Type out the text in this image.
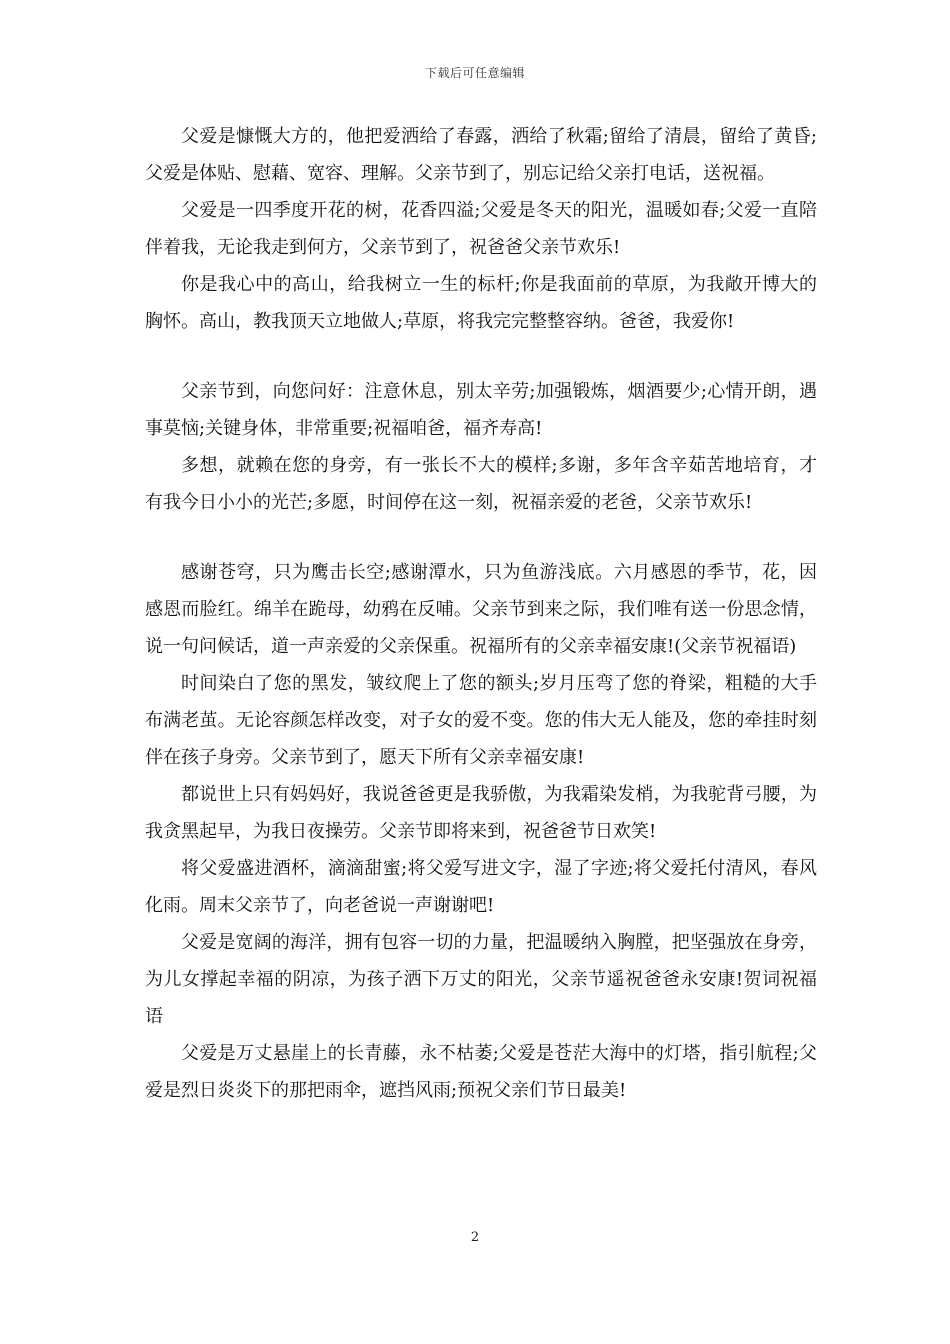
下载后可任意编辑

父爱是慷慨大方的，他把爱洒给了春露，洒给了秋霜;留给了清晨，留给了黄昏;父爱是体贴、慰藉、宽容、理解。父亲节到了，别忘记给父亲打电话，送祝福。

父爱是一四季度开花的树，花香四溢;父爱是冬天的阳光，温暖如春;父爱一直陪伴着我，无论我走到何方，父亲节到了，祝爸爸父亲节欢乐!

你是我心中的高山，给我树立一生的标杆;你是我面前的草原，为我敞开博大的胸怀。高山，教我顶天立地做人;草原，将我完完整整容纳。爸爸，我爱你!

父亲节到，向您问好：注意休息，别太辛劳;加强锻炼，烟酒要少;心情开朗，遇事莫恼;关键身体，非常重要;祝福咱爸，福齐寿高!

多想，就赖在您的身旁，有一张长不大的模样;多谢，多年含辛茹苦地培育，才有我今日小小的光芒;多愿，时间停在这一刻，祝福亲爱的老爸，父亲节欢乐!

感谢苍穹，只为鹰击长空;感谢潭水，只为鱼游浅底。六月感恩的季节，花，因感恩而脸红。绵羊在跪母，幼鸦在反哺。父亲节到来之际，我们唯有送一份思念情，说一句问候话，道一声亲爱的父亲保重。祝福所有的父亲幸福安康!(父亲节祝福语)

时间染白了您的黑发，皱纹爬上了您的额头;岁月压弯了您的脊梁，粗糙的大手布满老茧。无论容颜怎样改变，对子女的爱不变。您的伟大无人能及，您的牵挂时刻伴在孩子身旁。父亲节到了，愿天下所有父亲幸福安康!

都说世上只有妈妈好，我说爸爸更是我骄傲，为我霜染发梢，为我驼背弓腰，为我贪黑起早，为我日夜操劳。父亲节即将来到，祝爸爸节日欢笑!

将父爱盛进酒杯，滴滴甜蜜;将父爱写进文字，湿了字迹;将父爱托付清风，春风化雨。周末父亲节了，向老爸说一声谢谢吧!

父爱是宽阔的海洋，拥有包容一切的力量，把温暖纳入胸膛，把坚强放在身旁，为儿女撑起幸福的阴凉，为孩子洒下万丈的阳光，父亲节遥祝爸爸永安康!贺词祝福语

父爱是万丈悬崖上的长青藤，永不枯萎;父爱是苍茫大海中的灯塔，指引航程;父爱是烈日炎炎下的那把雨伞，遮挡风雨;预祝父亲们节日最美!

2
